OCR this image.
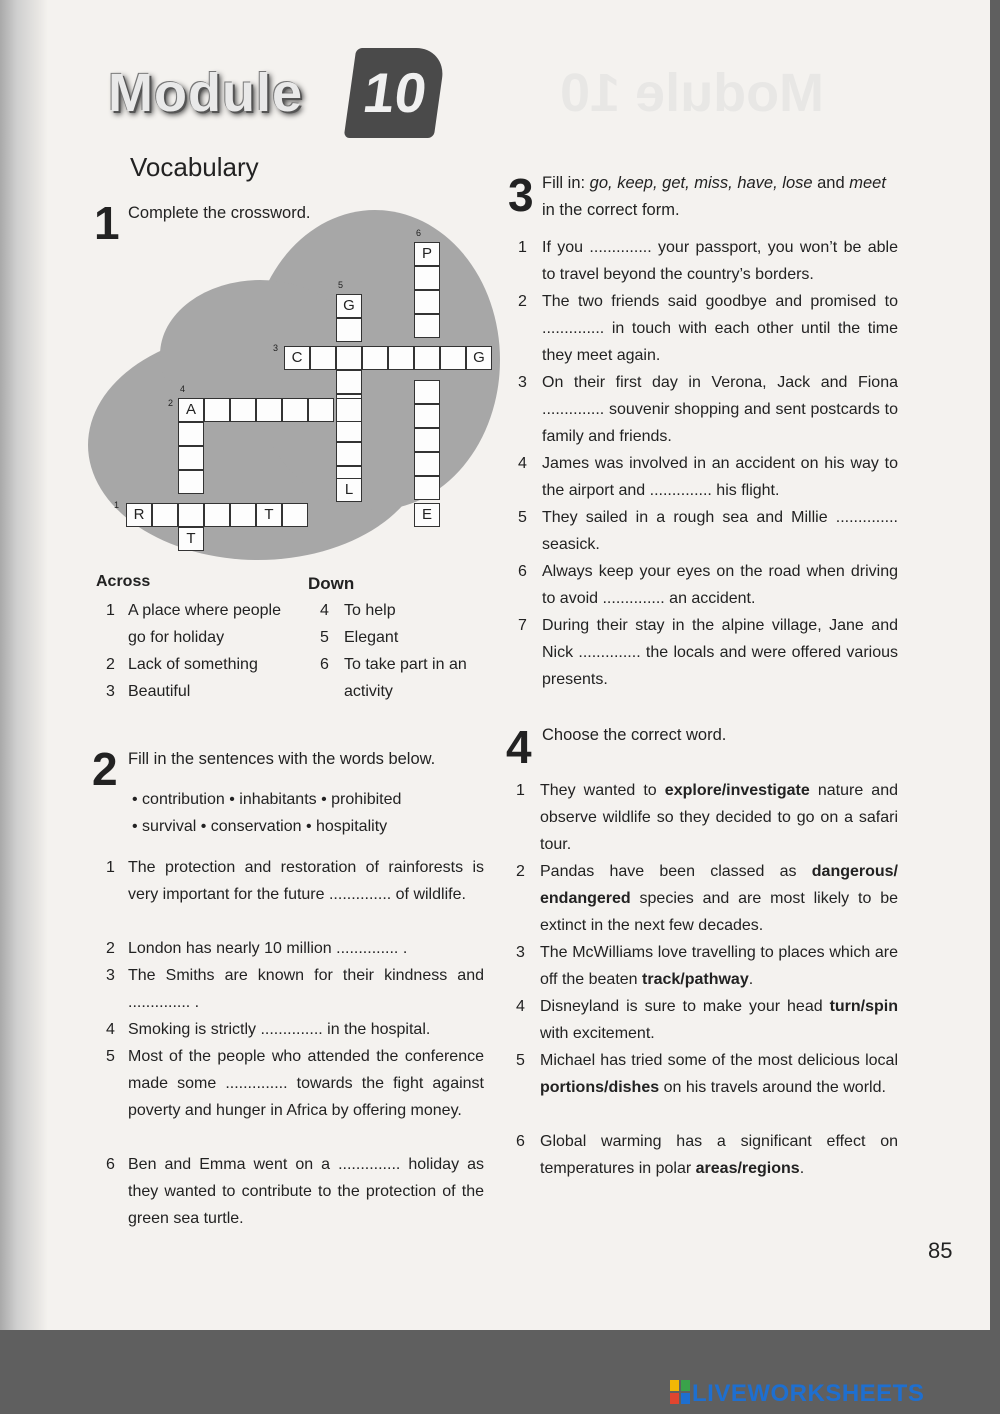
Module 10 Module 10
Vocabulary
1 Complete the crossword.
6
P
E
5
G
L
3
C	G
4
2 A
T
1
R	T
Across	Down
1 A place where people go for holiday
2 Lack of something
3 Beautiful
4 To help
5 Elegant
6 To take part in an activity
2 Fill in the sentences with the words below.
• contribution • inhabitants • prohibited
• survival • conservation • hospitality
1 The protection and restoration of rainforests is very important for the future .............. of wildlife.
2 London has nearly 10 million .............. .
3 The Smiths are known for their kindness and .............. .
4 Smoking is strictly .............. in the hospital.
5 Most of the people who attended the conference made some .............. towards the fight against poverty and hunger in Africa by offering money.
6 Ben and Emma went on a .............. holiday as they wanted to contribute to the protection of the green sea turtle.
3 Fill in: go, keep, get, miss, have, lose and meet in the correct form.
1 If you .............. your passport, you won’t be able to travel beyond the country’s borders.
2 The two friends said goodbye and promised to .............. in touch with each other until the time they meet again.
3 On their first day in Verona, Jack and Fiona .............. souvenir shopping and sent postcards to family and friends.
4 James was involved in an accident on his way to the airport and .............. his flight.
5 They sailed in a rough sea and Millie .............. seasick.
6 Always keep your eyes on the road when driving to avoid .............. an accident.
7 During their stay in the alpine village, Jane and Nick .............. the locals and were offered various presents.
4 Choose the correct word.
1 They wanted to explore/investigate nature and observe wildlife so they decided to go on a safari tour.
2 Pandas have been classed as dangerous/ endangered species and are most likely to be extinct in the next few decades.
3 The McWilliams love travelling to places which are off the beaten track/pathway.
4 Disneyland is sure to make your head turn/spin with excitement.
5 Michael has tried some of the most delicious local portions/dishes on his travels around the world.
6 Global warming has a significant effect on temperatures in polar areas/regions.
85
LIVEWORKSHEETS
